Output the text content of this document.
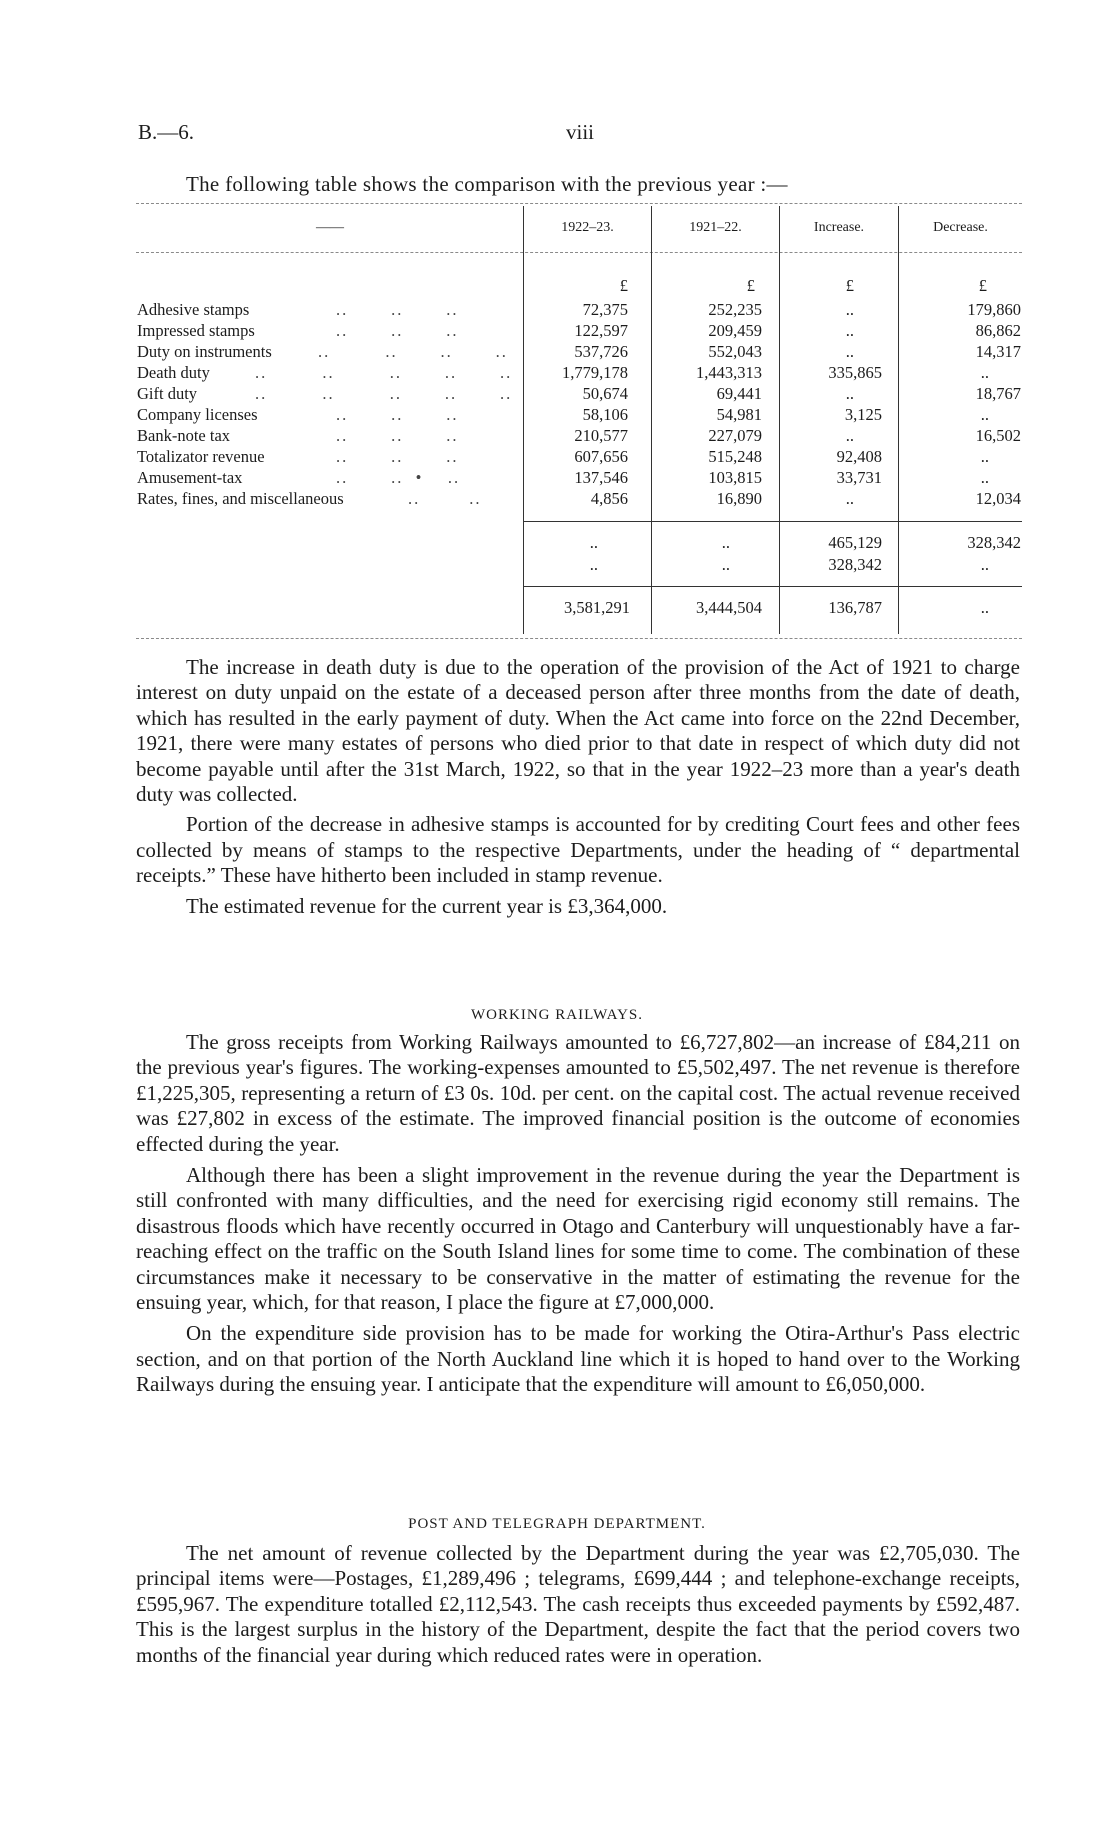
B.—6.	viii
The following table shows the comparison with the previous year :—
——	1922–23.	1921–22.	Increase.	Decrease.
£	£	£	£
Adhesive stamps	..       ..       ..	72,375	252,235	..	179,860
Impressed stamps	..       ..       ..	122,597	209,459	..	86,862
Duty on instruments	..         ..       ..       ..	537,726	552,043	..	14,317
Death duty	..         ..         ..       ..       ..	1,779,178	1,443,313	335,865	..
Gift duty	..         ..         ..       ..       ..	50,674	69,441	..	18,767
Company licenses	..       ..       ..	58,106	54,981	3,125	..
Bank-note tax	..       ..       ..	210,577	227,079	..	16,502
Totalizator revenue	..       ..       ..	607,656	515,248	92,408	..
Amusement-tax	..       ..  •    ..	137,546	103,815	33,731	..
Rates, fines, and miscellaneous	..        ..	4,856	16,890	..	12,034
..	..	465,129	328,342
..	..	328,342	..
3,581,291	3,444,504	136,787	..

The increase in death duty is due to the operation of the provision of the Act of 1921 to charge interest on duty unpaid on the estate of a deceased person after three months from the date of death, which has resulted in the early payment of duty. When the Act came into force on the 22nd December, 1921, there were many estates of persons who died prior to that date in respect of which duty did not become payable until after the 31st March, 1922, so that in the year 1922–23 more than a year's death duty was collected.

Portion of the decrease in adhesive stamps is accounted for by crediting Court fees and other fees collected by means of stamps to the respective Departments, under the heading of “ departmental receipts.” These have hitherto been included in stamp revenue.

The estimated revenue for the current year is £3,364,000.

WORKING RAILWAYS.

The gross receipts from Working Railways amounted to £6,727,802—an increase of £84,211 on the previous year's figures. The working-expenses amounted to £5,502,497. The net revenue is therefore £1,225,305, representing a return of £3 0s. 10d. per cent. on the capital cost. The actual revenue received was £27,802 in excess of the estimate. The improved financial position is the outcome of economies effected during the year.

Although there has been a slight improvement in the revenue during the year the Department is still confronted with many difficulties, and the need for exercising rigid economy still remains. The disastrous floods which have recently occurred in Otago and Canterbury will unquestionably have a far-reaching effect on the traffic on the South Island lines for some time to come. The combination of these circumstances make it necessary to be conservative in the matter of estimating the revenue for the ensuing year, which, for that reason, I place the figure at £7,000,000.

On the expenditure side provision has to be made for working the Otira-Arthur's Pass electric section, and on that portion of the North Auckland line which it is hoped to hand over to the Working Railways during the ensuing year. I anticipate that the expenditure will amount to £6,050,000.

POST AND TELEGRAPH DEPARTMENT.

The net amount of revenue collected by the Department during the year was £2,705,030. The principal items were—Postages, £1,289,496 ; telegrams, £699,444 ; and telephone-exchange receipts, £595,967. The expenditure totalled £2,112,543. The cash receipts thus exceeded payments by £592,487. This is the largest surplus in the history of the Department, despite the fact that the period covers two months of the financial year during which reduced rates were in operation.
